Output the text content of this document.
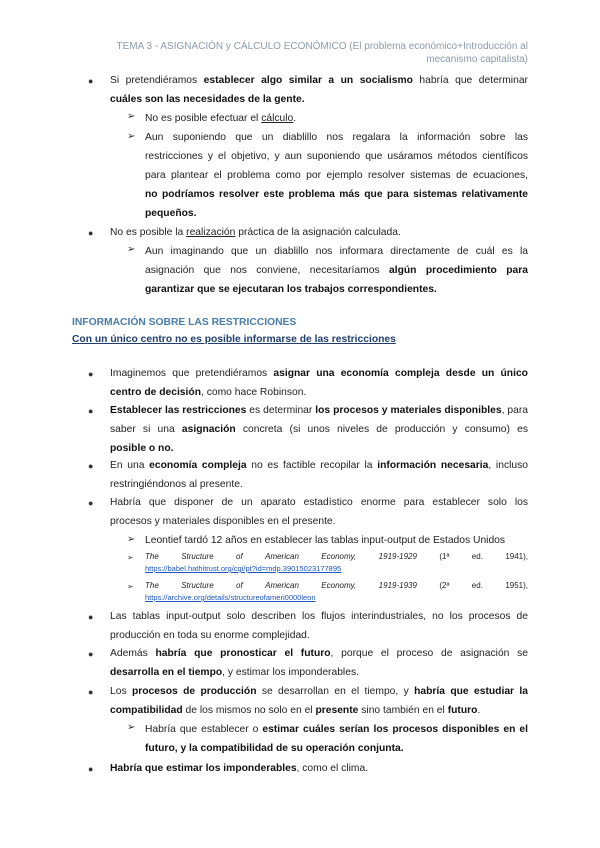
TEMA 3 - ASIGNACIÓN y CÁLCULO ECONÓMICO (El problema económico+Introducción al
mecanismo capitalista)
● Si pretendiéramos establecer algo similar a un socialismo habría que determinar
cuáles son las necesidades de la gente.
➢ No es posible efectuar el cálculo.
➢ Aun suponiendo que un diablillo nos regalara la información sobre las
restricciones y el objetivo, y aun suponiendo que usáramos métodos científicos
para plantear el problema como por ejemplo resolver sistemas de ecuaciones,
no podríamos resolver este problema más que para sistemas relativamente
pequeños.
● No es posible la realización práctica de la asignación calculada.
➢ Aun imaginando que un diablillo nos informara directamente de cuál es la
asignación que nos conviene, necesitaríamos algún procedimiento para
garantizar que se ejecutaran los trabajos correspondientes.
INFORMACIÓN SOBRE LAS RESTRICCIONES
Con un único centro no es posible informarse de las restricciones
● Imaginemos que pretendiéramos asignar una economía compleja desde un único
centro de decisión, como hace Robinson.
● Establecer las restricciones es determinar los procesos y materiales disponibles, para
saber si una asignación concreta (si unos niveles de producción y consumo) es
posible o no.
● En una economía compleja no es factible recopilar la información necesaria, incluso
restringiéndonos al presente.
● Habría que disponer de un aparato estadístico enorme para establecer solo los
procesos y materiales disponibles en el presente.
➢ Leontief tardó 12 años en establecer las tablas input-output de Estados Unidos
➢ The	Structure	of	American	Economy,	1919-1929	(1ª	ed.	1941),
https://babel.hathitrust.org/cgi/pt?id=mdp.39015023177895
➢ The	Structure	of	American	Economy,	1919-1939	(2ª	ed.	1951),
https://archive.org/details/structureofameri0000leon
● Las tablas input-output solo describen los flujos interindustriales, no los procesos de
producción en toda su enorme complejidad.
● Además habría que pronosticar el futuro, porque el proceso de asignación se
desarrolla en el tiempo, y estimar los imponderables.
● Los procesos de producción se desarrollan en el tiempo, y habría que estudiar la
compatibilidad de los mismos no solo en el presente sino también en el futuro.
➢ Habría que establecer o estimar cuáles serían los procesos disponibles en el
futuro, y la compatibilidad de su operación conjunta.
● Habría que estimar los imponderables, como el clima.
